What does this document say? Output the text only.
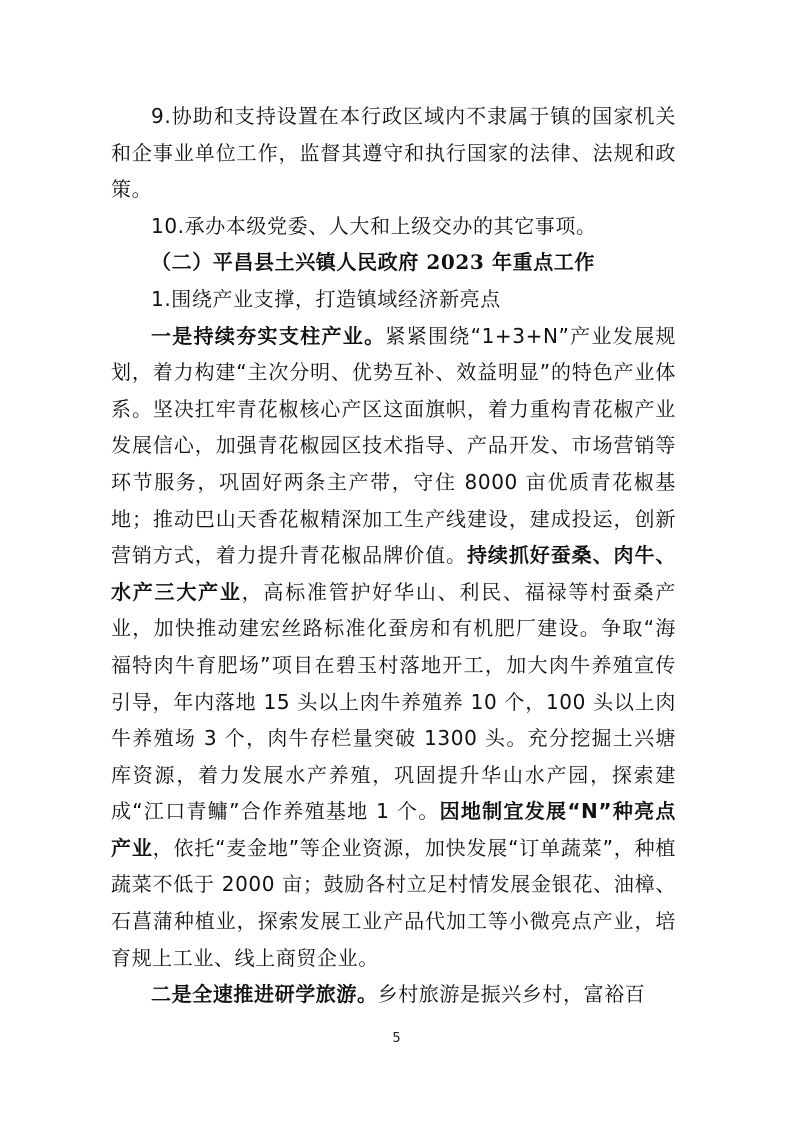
9.协助和支持设置在本行政区域内不隶属于镇的国家机关和企事业单位工作，监督其遵守和执行国家的法律、法规和政策。

10.承办本级党委、人大和上级交办的其它事项。

（二）平昌县土兴镇人民政府 2023 年重点工作

1.围绕产业支撑，打造镇域经济新亮点

一是持续夯实支柱产业。紧紧围绕“1+3+N”产业发展规划，着力构建“主次分明、优势互补、效益明显”的特色产业体系。坚决扛牢青花椒核心产区这面旗帜，着力重构青花椒产业发展信心，加强青花椒园区技术指导、产品开发、市场营销等环节服务，巩固好两条主产带，守住 8000 亩优质青花椒基地；推动巴山天香花椒精深加工生产线建设，建成投运，创新营销方式，着力提升青花椒品牌价值。持续抓好蚕桑、肉牛、水产三大产业，高标准管护好华山、利民、福禄等村蚕桑产业，加快推动建宏丝路标准化蚕房和有机肥厂建设。争取“海福特肉牛育肥场”项目在碧玉村落地开工，加大肉牛养殖宣传引导，年内落地 15 头以上肉牛养殖养 10 个，100 头以上肉牛养殖场 3 个，肉牛存栏量突破 1300 头。充分挖掘土兴塘库资源，着力发展水产养殖，巩固提升华山水产园，探索建成“江口青鳙”合作养殖基地 1 个。因地制宜发展“N”种亮点产业，依托“麦金地”等企业资源，加快发展“订单蔬菜”，种植蔬菜不低于 2000 亩；鼓励各村立足村情发展金银花、油樟、石菖蒲种植业，探索发展工业产品代加工等小微亮点产业，培育规上工业、线上商贸企业。

二是全速推进研学旅游。乡村旅游是振兴乡村，富裕百

5
